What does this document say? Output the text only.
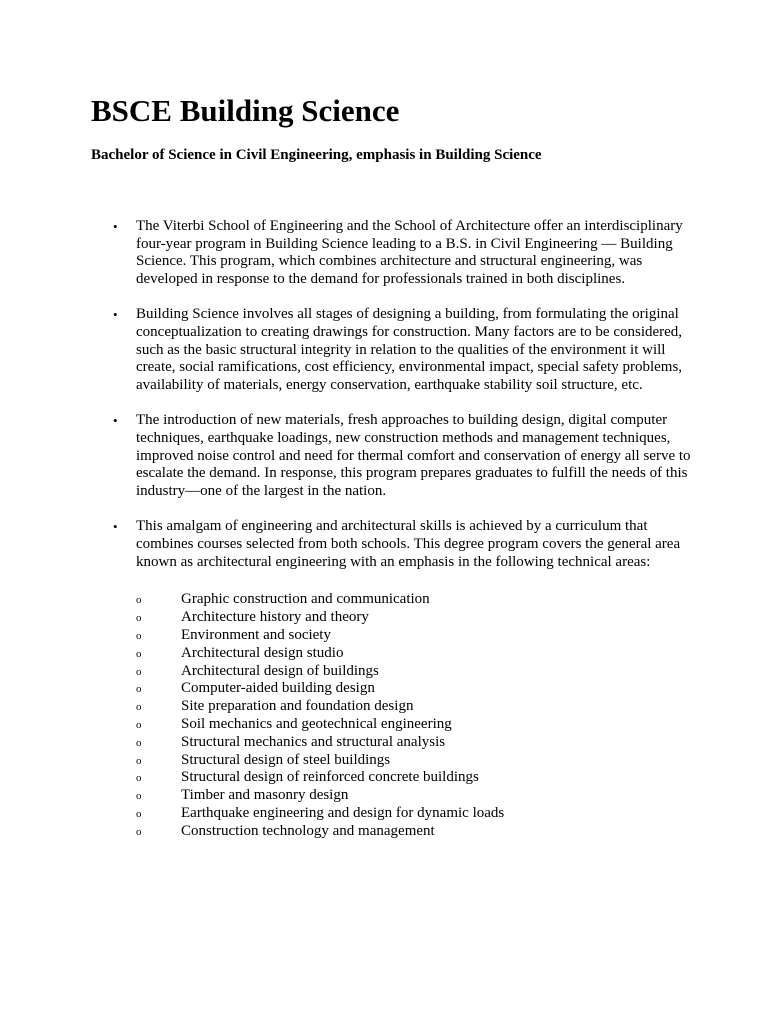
BSCE Building Science

Bachelor of Science in Civil Engineering, emphasis in Building Science

• The Viterbi School of Engineering and the School of Architecture offer an interdisciplinary four-year program in Building Science leading to a B.S. in Civil Engineering — Building Science. This program, which combines architecture and structural engineering, was developed in response to the demand for professionals trained in both disciplines.
• Building Science involves all stages of designing a building, from formulating the original conceptualization to creating drawings for construction. Many factors are to be considered, such as the basic structural integrity in relation to the qualities of the environment it will create, social ramifications, cost efficiency, environmental impact, special safety problems, availability of materials, energy conservation, earthquake stability soil structure, etc.
• The introduction of new materials, fresh approaches to building design, digital computer techniques, earthquake loadings, new construction methods and management techniques, improved noise control and need for thermal comfort and conservation of energy all serve to escalate the demand. In response, this program prepares graduates to fulfill the needs of this industry—one of the largest in the nation.
• This amalgam of engineering and architectural skills is achieved by a curriculum that combines courses selected from both schools. This degree program covers the general area known as architectural engineering with an emphasis in the following technical areas:
o	Graphic construction and communication
o	Architecture history and theory
o	Environment and society
o	Architectural design studio
o	Architectural design of buildings
o	Computer-aided building design
o	Site preparation and foundation design
o	Soil mechanics and geotechnical engineering
o	Structural mechanics and structural analysis
o	Structural design of steel buildings
o	Structural design of reinforced concrete buildings
o	Timber and masonry design
o	Earthquake engineering and design for dynamic loads
o	Construction technology and management
